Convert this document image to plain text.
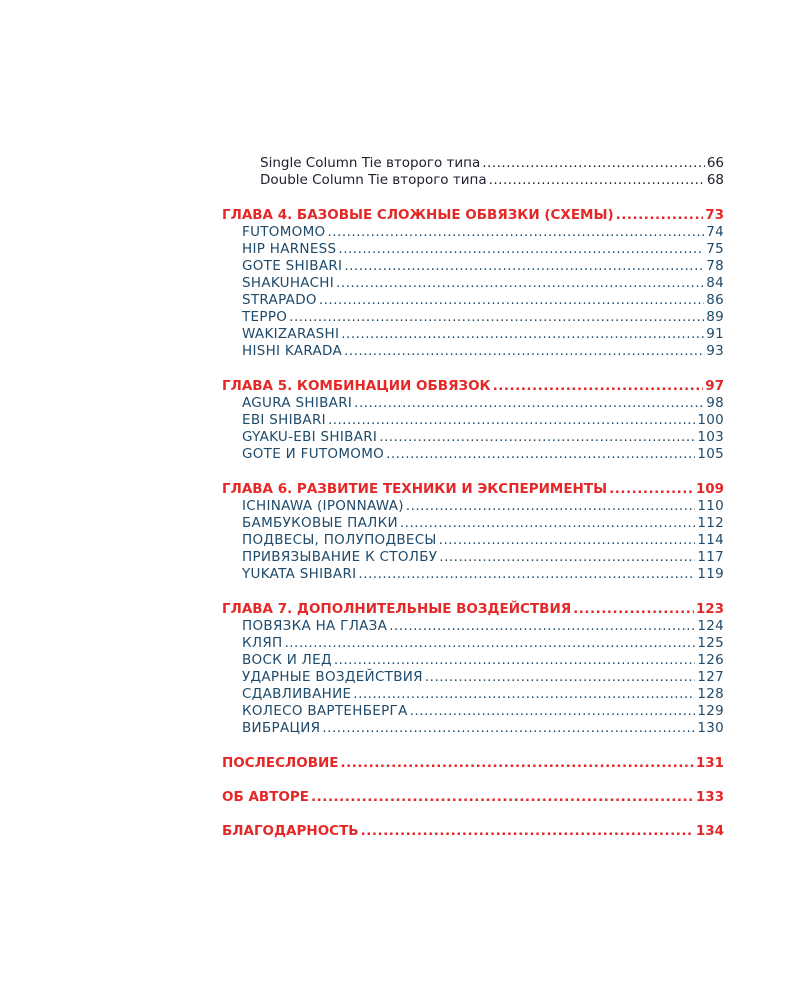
Single Column Tie второго типа .....	66
Double Column Tie второго типа .....	68
ГЛАВА 4. БАЗОВЫЕ СЛОЖНЫЕ ОБВЯЗКИ (СХЕМЫ) .....	73
FUTOMOMO .....	74
HIP HARNESS .....	75
GOTE SHIBARI .....	78
SHAKUHACHI .....	84
STRAPADO .....	86
TEPPO .....	89
WAKIZARASHI .....	91
HISHI KARADA .....	93
ГЛАВА 5. КОМБИНАЦИИ ОБВЯЗОК .....	97
AGURA SHIBARI .....	98
EBI SHIBARI .....	100
GYAKU-EBI SHIBARI .....	103
GOTE И FUTOMOMO .....	105
ГЛАВА 6. РАЗВИТИЕ ТЕХНИКИ И ЭКСПЕРИМЕНТЫ .....	109
ICHINAWA (IPONNAWA) .....	110
БАМБУКОВЫЕ ПАЛКИ .....	112
ПОДВЕСЫ, ПОЛУПОДВЕСЫ .....	114
ПРИВЯЗЫВАНИЕ К СТОЛБУ .....	117
YUKATA SHIBARI .....	119
ГЛАВА 7. ДОПОЛНИТЕЛЬНЫЕ ВОЗДЕЙСТВИЯ .....	123
ПОВЯЗКА НА ГЛАЗА .....	124
КЛЯП .....	125
ВОСК И ЛЕД .....	126
УДАРНЫЕ ВОЗДЕЙСТВИЯ .....	127
СДАВЛИВАНИЕ .....	128
КОЛЕСО ВАРТЕНБЕРГА .....	129
ВИБРАЦИЯ .....	130
ПОСЛЕСЛОВИЕ .....	131
ОБ АВТОРЕ .....	133
БЛАГОДАРНОСТЬ .....	134
